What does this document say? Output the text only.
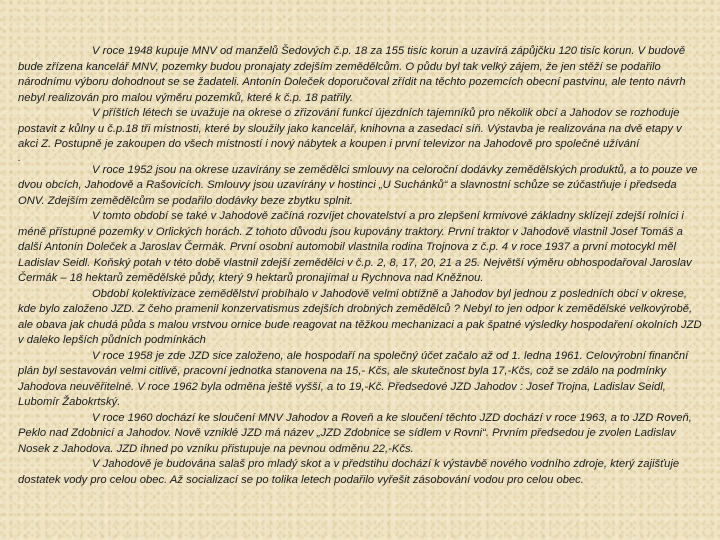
V roce 1948 kupuje MNV od manželů Šedových č.p. 18 za 155 tisíc korun a uzavírá zápůjčku 120 tisíc korun. V budově bude zřízena kancelář MNV, pozemky budou pronajaty zdejším zemědělcům. O půdu byl tak velký zájem, že jen stěží se podařilo národnímu výboru dohodnout se se žadateli. Antonín Doleček doporučoval zřídit na těchto pozemcích obecní pastvinu, ale tento návrh nebyl realizován pro malou výměru pozemků, které k č.p. 18 patřily.

V příštích létech se uvažuje na okrese o zřizování funkcí újezdních tajemníků pro několik obcí a Jahodov se rozhoduje postavit z kůlny u č.p.18 tři místnosti, které by sloužily jako kancelář, knihovna a zasedací síň. Výstavba je realizována na dvě etapy v akci Z. Postupně je zakoupen do všech místností i nový nábytek a koupen i první televizor na Jahodově pro společné užívání

.

V roce 1952 jsou na okrese uzavírány se zemědělci smlouvy na celoroční dodávky zemědělských produktů, a to pouze ve dvou obcích, Jahodově a Rašovicích. Smlouvy jsou uzavírány v hostinci „U Suchánků“ a slavnostní schůze se zúčastňuje i předseda ONV. Zdejším zemědělcům se podařilo dodávky beze zbytku splnit.

V tomto období se také v Jahodově začíná rozvíjet chovatelství a pro zlepšení krmivové základny sklízejí zdejší rolníci i méně přístupné pozemky v Orlických horách. Z tohoto důvodu jsou kupovány traktory. První traktor v Jahodově vlastnil Josef Tomáš a další Antonín Doleček a Jaroslav Čermák. První osobní automobil vlastnila rodina Trojnova z č.p. 4 v roce 1937 a první motocykl měl Ladislav Seidl. Koňský potah v této době vlastnil zdejší zemědělci v č.p. 2, 8, 17, 20, 21 a 25. Největší výměru obhospodařoval Jaroslav Čermák – 18 hektarů zemědělské půdy, který 9 hektarů pronajímal u Rychnova nad Kněžnou.

Období kolektivizace zemědělství probíhalo v Jahodově velmi obtížně a Jahodov byl jednou z posledních obcí v okrese, kde bylo založeno JZD. Z čeho pramenil konzervatismus zdejších drobných zemědělců ? Nebyl to jen odpor k zemědělské velkovýrobě, ale obava jak chudá půda s malou vrstvou ornice bude reagovat na těžkou mechanizaci a pak špatné výsledky hospodaření okolních JZD v daleko lepších půdních podmínkách

V roce 1958 je zde JZD sice založeno, ale hospodaří na společný účet začalo až od 1. ledna 1961. Celovýrobní finanční plán byl sestavován velmi citlivě, pracovní jednotka stanovena na 15,- Kčs, ale skutečnost byla 17,-Kčs, což se zdálo na podmínky Jahodova neuvěřitelné. V roce 1962 byla odměna ještě vyšší, a to 19,-Kč. Předsedové JZD Jahodov : Josef Trojna, Ladislav Seidl, Lubomír Žabokrtský.

V roce 1960 dochází ke sloučení MNV Jahodov a Roveň a ke sloučení těchto JZD dochází v roce 1963, a to JZD Roveň, Peklo nad Zdobnicí a Jahodov. Nově vzniklé JZD má název „JZD Zdobnice se sídlem v Rovni“. Prvním předsedou je zvolen Ladislav Nosek z Jahodova. JZD ihned po vzniku přistupuje na pevnou odměnu 22,-Kčs.

V Jahodově je budována salaš pro mladý skot a v předstihu dochází k výstavbě nového vodního zdroje, který zajišťuje dostatek vody pro celou obec. Až socializací se po tolika letech podařilo vyřešit zásobování vodou pro celou obec.
